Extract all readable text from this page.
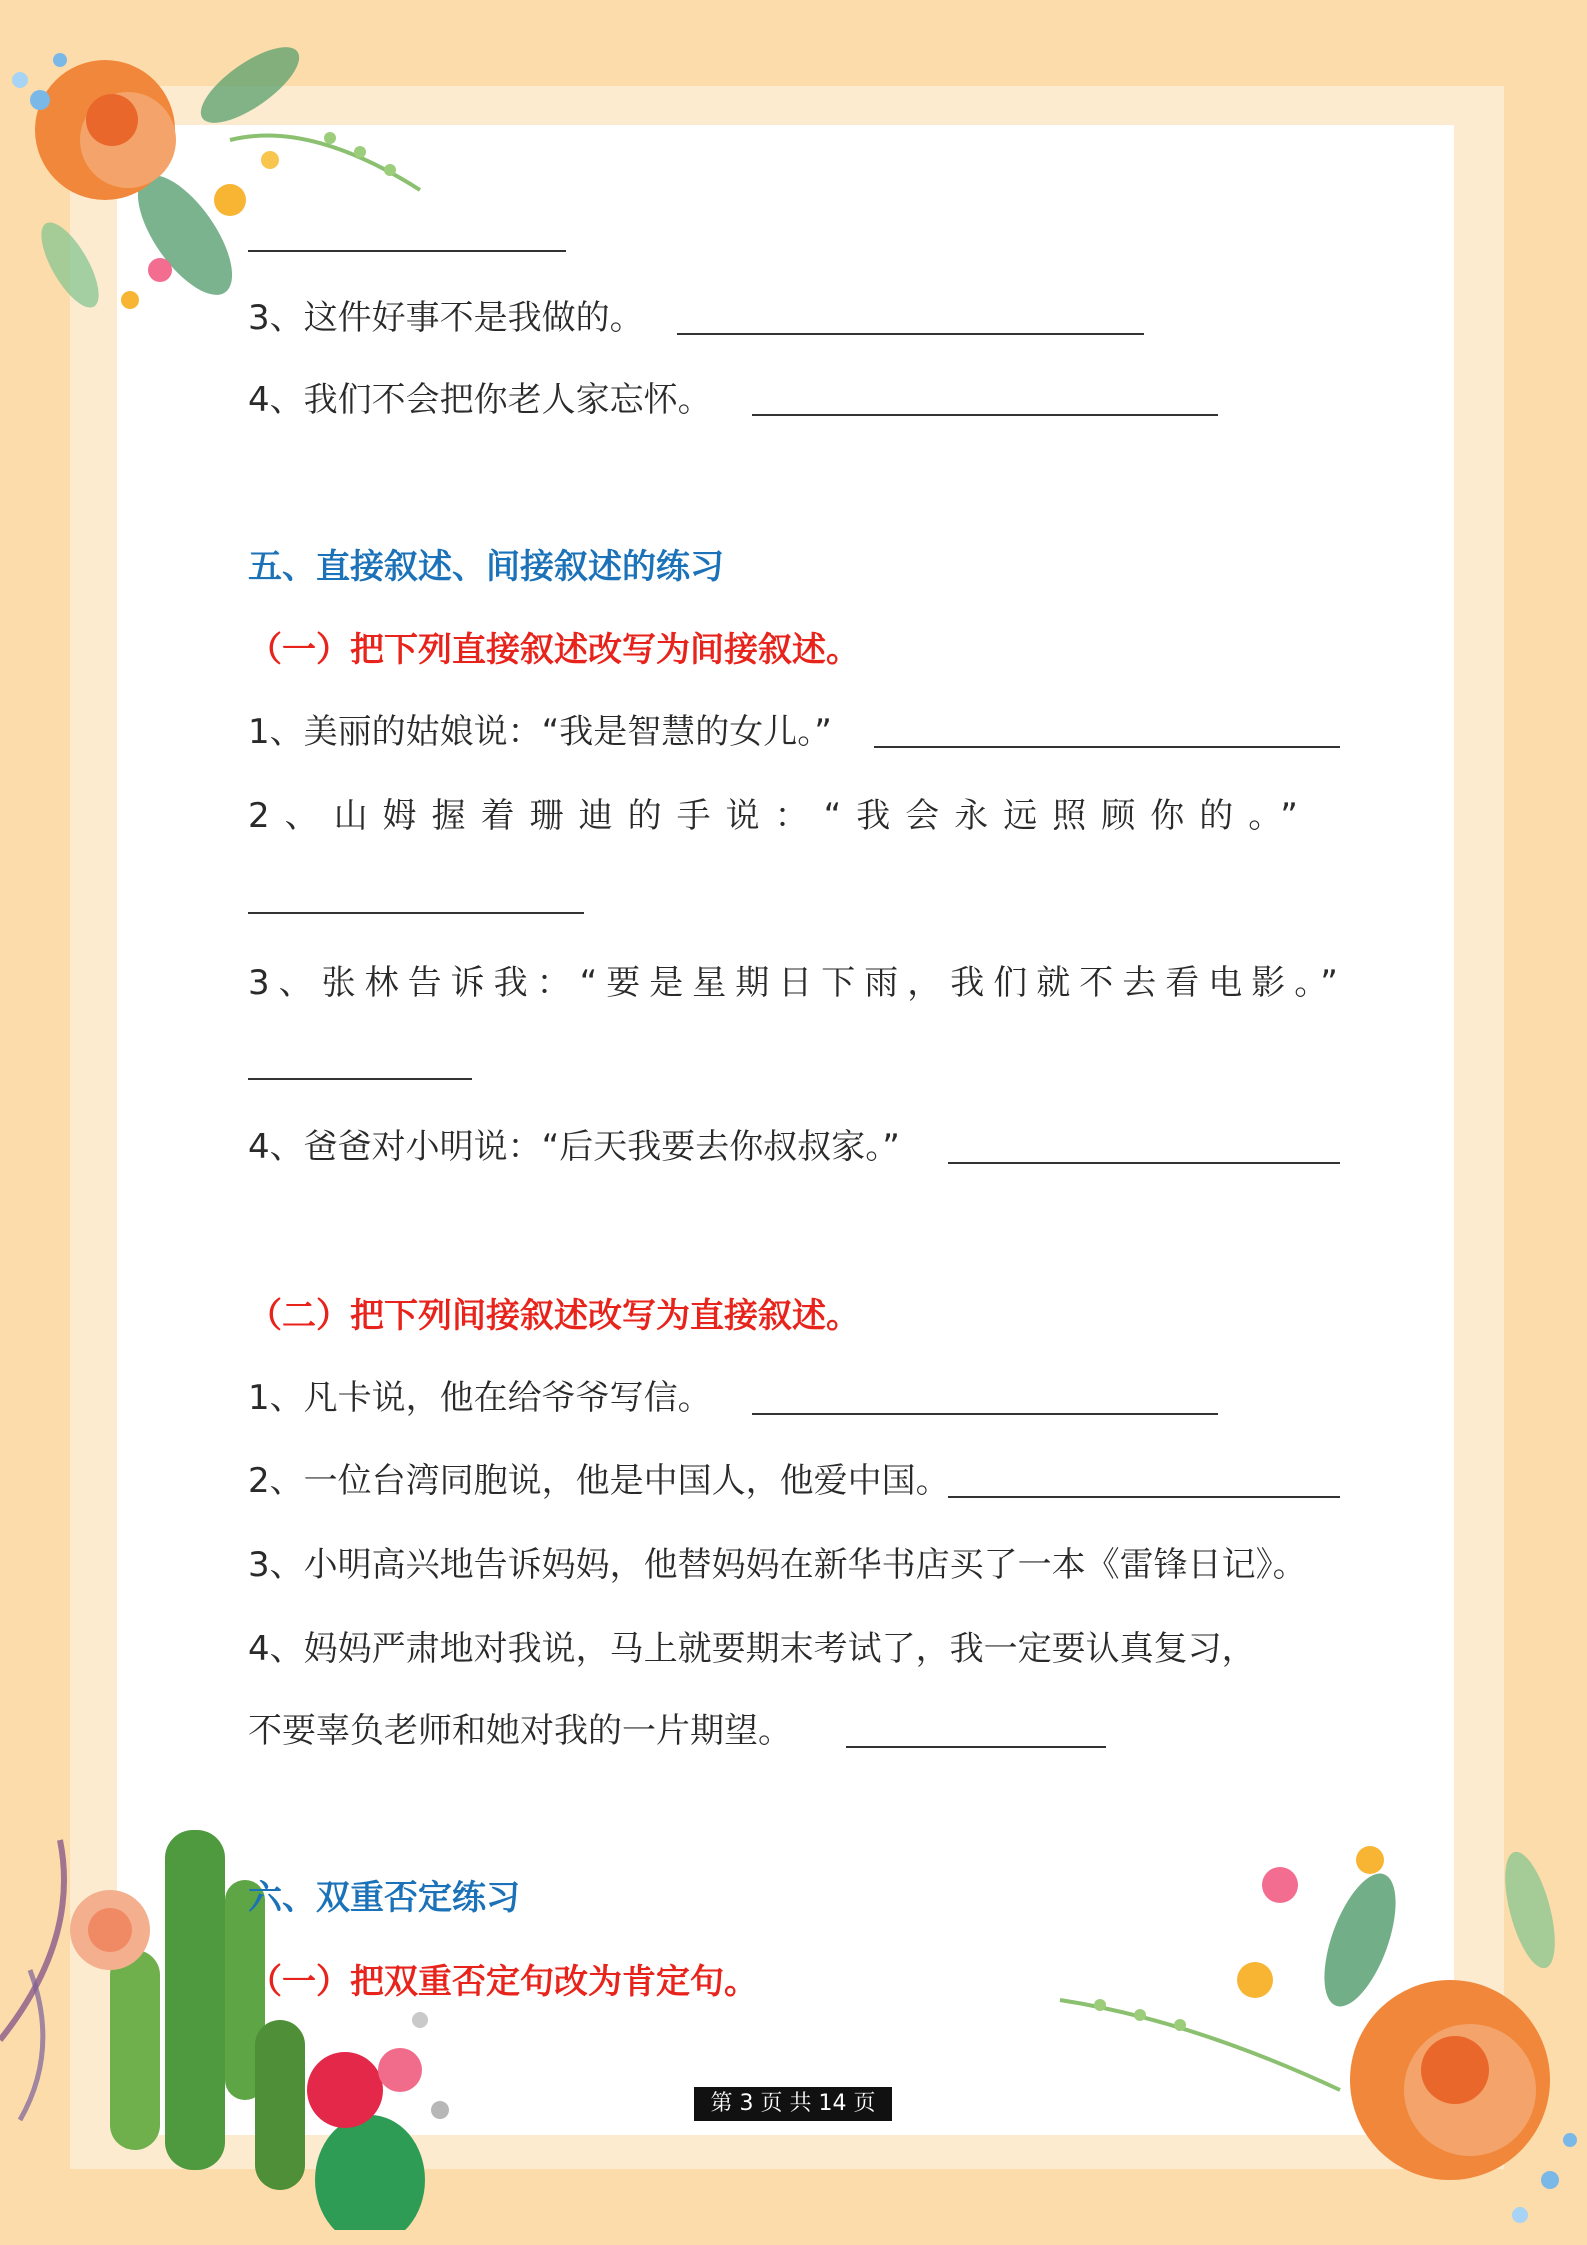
3、这件好事不是我做的。
4、我们不会把你老人家忘怀。
五、直接叙述、间接叙述的练习
（一）把下列直接叙述改写为间接叙述。
1、美丽的姑娘说：“我是智慧的女儿。”
2、山姆握着珊迪的手说：“我会永远照顾你的。”
3、张林告诉我：“要是星期日下雨，我们就不去看电影。”
4、爸爸对小明说：“后天我要去你叔叔家。”
（二）把下列间接叙述改写为直接叙述。
1、凡卡说，他在给爷爷写信。
2、一位台湾同胞说，他是中国人，他爱中国。
3、小明高兴地告诉妈妈，他替妈妈在新华书店买了一本《雷锋日记》。
4、妈妈严肃地对我说，马上就要期末考试了，我一定要认真复习，
不要辜负老师和她对我的一片期望。
六、双重否定练习
（一）把双重否定句改为肯定句。
第 3 页 共 14 页
